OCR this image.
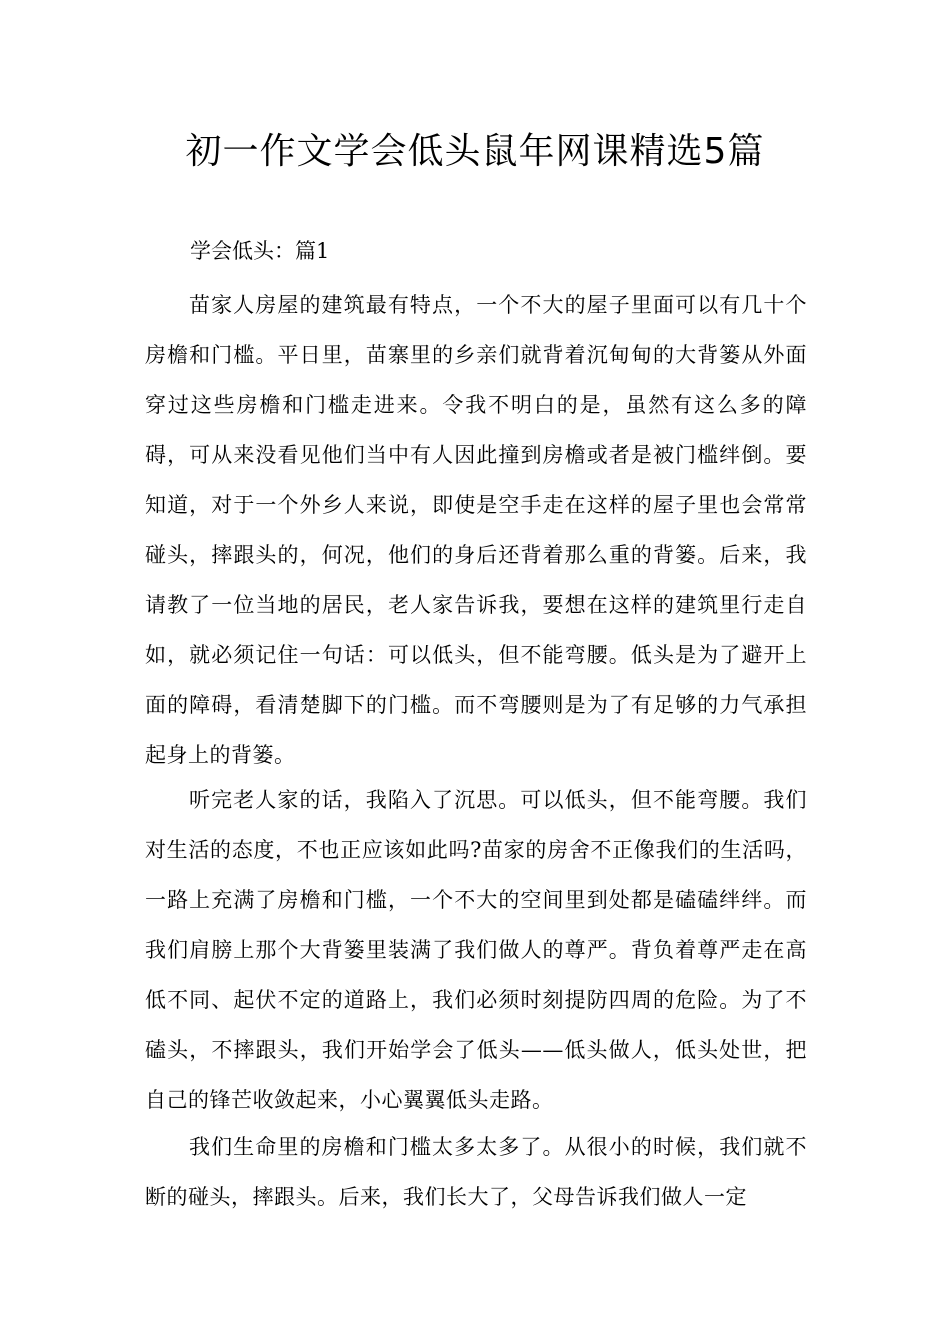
初一作文学会低头鼠年网课精选5篇

学会低头：篇1

苗家人房屋的建筑最有特点，一个不大的屋子里面可以有几十个房檐和门槛。平日里，苗寨里的乡亲们就背着沉甸甸的大背篓从外面穿过这些房檐和门槛走进来。令我不明白的是，虽然有这么多的障碍，可从来没看见他们当中有人因此撞到房檐或者是被门槛绊倒。要知道，对于一个外乡人来说，即使是空手走在这样的屋子里也会常常碰头，摔跟头的，何况，他们的身后还背着那么重的背篓。后来，我请教了一位当地的居民，老人家告诉我，要想在这样的建筑里行走自如，就必须记住一句话：可以低头，但不能弯腰。低头是为了避开上面的障碍，看清楚脚下的门槛。而不弯腰则是为了有足够的力气承担起身上的背篓。

听完老人家的话，我陷入了沉思。可以低头，但不能弯腰。我们对生活的态度，不也正应该如此吗?苗家的房舍不正像我们的生活吗，一路上充满了房檐和门槛，一个不大的空间里到处都是磕磕绊绊。而我们肩膀上那个大背篓里装满了我们做人的尊严。背负着尊严走在高低不同、起伏不定的道路上，我们必须时刻提防四周的危险。为了不磕头，不摔跟头，我们开始学会了低头——低头做人，低头处世，把自己的锋芒收敛起来，小心翼翼低头走路。

我们生命里的房檐和门槛太多太多了。从很小的时候，我们就不断的碰头，摔跟头。后来，我们长大了，父母告诉我们做人一定
